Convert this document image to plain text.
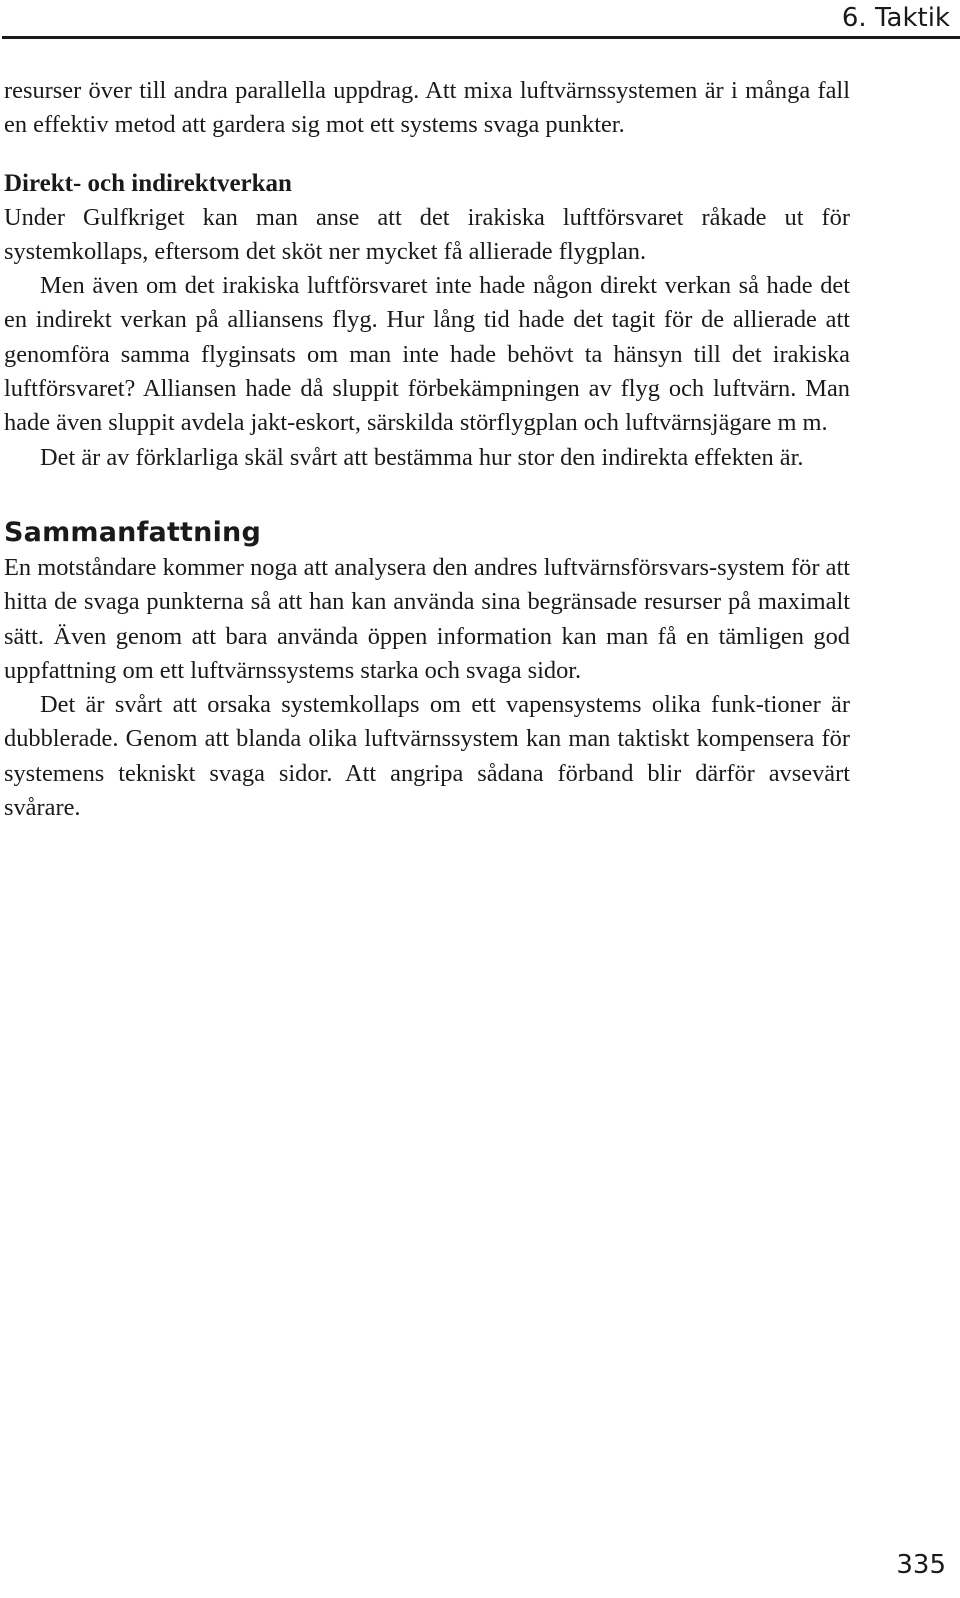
6. Taktik

resurser över till andra parallella uppdrag. Att mixa luftvärnssystemen är i många fall en effektiv metod att gardera sig mot ett systems svaga punkter.

Direkt- och indirektverkan

Under Gulfkriget kan man anse att det irakiska luftförsvaret råkade ut för systemkollaps, eftersom det sköt ner mycket få allierade flygplan.

Men även om det irakiska luftförsvaret inte hade någon direkt verkan så hade det en indirekt verkan på alliansens flyg. Hur lång tid hade det tagit för de allierade att genomföra samma flyginsats om man inte hade behövt ta hänsyn till det irakiska luftförsvaret? Alliansen hade då sluppit förbekämpningen av flyg och luftvärn. Man hade även sluppit avdela jakt-eskort, särskilda störflygplan och luftvärnsjägare m m.

Det är av förklarliga skäl svårt att bestämma hur stor den indirekta effekten är.

Sammanfattning

En motståndare kommer noga att analysera den andres luftvärnsförsvars-system för att hitta de svaga punkterna så att han kan använda sina begränsade resurser på maximalt sätt. Även genom att bara använda öppen information kan man få en tämligen god uppfattning om ett luftvärnssystems starka och svaga sidor.

Det är svårt att orsaka systemkollaps om ett vapensystems olika funk-tioner är dubblerade. Genom att blanda olika luftvärnssystem kan man taktiskt kompensera för systemens tekniskt svaga sidor. Att angripa sådana förband blir därför avsevärt svårare.

335
